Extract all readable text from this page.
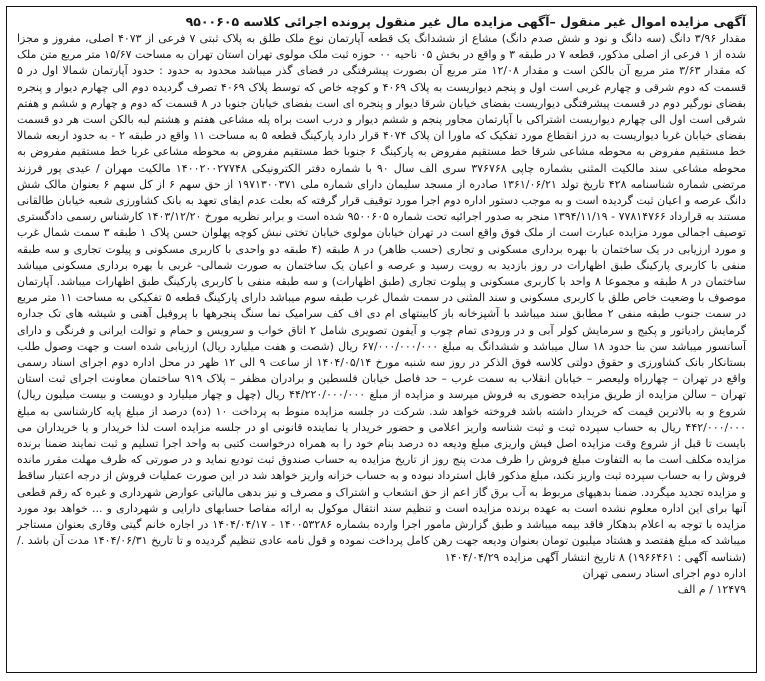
آگهی مزایده اموال غیر منقول –آگهی مزایده مال غیر منقول پرونده اجرائی کلاسه ۹۵۰۰۶۰۵

مقدار ۳/۹۶ دانگ (سه دانگ و نود و شش صدم دانگ) مشاع از ششدانگ یک قطعه آپارتمان نوع ملک طلق به پلاک ثبتی ۷ فرعی از ۴۰۷۳ اصلی، مفروز و مجزا شده از ۱ فرعی از اصلی مذکور، قطعه ۷ در طبقه ۳ و واقع در بخش ۰۵ ناحیه ۰۰ حوزه ثبت ملک مولوی تهران استان تهران به مساحت ۱۵/۶۷ متر مربع متن ملک که مقدار ۳/۶۳ متر مربع آن بالکن است و مقدار ۱۲/۰۸ متر مربع آن بصورت پیشرفتگی در فضای گذر میباشد محدود به حدود : حدود آپارتمان شمالا اول در ۵ قسمت که دوم شرقی و چهارم غربی است اول و پنجم دیواریست به پلاک ۴۰۶۹ و کوچه خاص که توسط پلاک ۴۰۶۹ تصرف گردیده دوم الی چهارم دیوار و پنجره بفضای نورگیر دوم در قسمت پیشرفتگی دیواریست بفضای خیابان شرقا دیوار و پنجره ای است بفضای خیابان جنوبا در ۸ قسمت که دوم و چهارم و ششم و هفتم شرقی است اول الی چهارم دیواریست اشتراکی با آپارتمان مجاور پنجم و ششم دیوار و درب است براه پله مشاعی هفتم و هشتم لبه بالکن است هر دو قسمت بفضای خیابان غربا دیواریست به درز انقطاع مورد تفکیک که ماورا ان پلاک ۴۰۷۴ قرار دارد پارکینگ قطعه ۵ به مساحت ۱۱ واقع در طبقه ۲ - به حدود اربعه شمالا خط مستقیم مفروض به محوطه مشاعی شرقا خط مستقیم مفروض به پارکینگ ۶ جنوبا خط مستقیم مفروض به محوطه مشاعی غربا خط مستقیم مفروض به محوطه مشاعی سند مالکیت المثنی بشماره چاپی ۳۷۶۷۶۸ سری الف سال ۹۰ با شماره دفتر الکترونیکی ۱۴۰۰۲۰۰۲۷۷۴۸ مالکیت مهران / عیدی پور فرزند مرتضی شماره شناسنامه ۴۲۸ تاریخ تولد ۱۳۶۱/۰۶/۲۱ صادره از مسجد سلیمان دارای شماره ملی ۱۹۷۱۳۰۰۳۷۱ از حق سهم ۶ از کل سهم ۶ بعنوان مالک شش دانگ عرصه و اعیان ثبت گردیده است و به موجب دستور اداره دوم اجرا مورد توقیف قرار گرفته که بعلت عدم ایفای تعهد به بانک کشاورزی شعبه خیابان طالقانی مستند به قرارداد ۷۷۸۱۴۷۶۶ - ۱۳۹۴/۱۱/۱۹ منجر به صدور اجرائیه تحت شماره ۹۵۰۰۶۰۵ شده است و برابر نظریه مورخ ۱۴۰۳/۱۲/۲۰ کارشناس رسمی دادگستری توصیف اجمالی مورد مزایده عبارت است از ملک فوق واقع است در تهران خیابان مولوی خیابان تختی نبش کوچه پهلوان حسن پلاک ۱ طبقه ۳ سمت شمال غرب و مورد ارزیابی در یک ساختمان با بهره برداری مسکونی و تجاری (حسب ظاهر) در ۸ طبقه (۴ طبقه دو واحدی با کاربری مسکونی و پیلوت تجاری و سه طبقه منفی با کاربری پارکینگ طبق اظهارات در روز بازدید به رویت رسید و عرصه و اعیان یک ساختمان به صورت شمالی- غربی با بهره برداری مسکونی میباشد ساختمان در ۸ طبقه و مجموعا ۸ واحد با کاربری مسکونی و پیلوت تجاری (طبق اظهارات) و سه طبقه منفی با کاربری پارکینگ طبق اظهارات میباشد. آپارتمان موصوف با وضعیت خاص طلق با کاربری مسکونی و سند المثنی در سمت شمال غرب طبقه سوم میباشد دارای پارکینگ قطعه ۵ تفکیکی به مساحت ۱۱ متر مربع در سمت جنوب طبقه منفی ۲ مطابق سند میباشد با آشپزخانه باز کابینتهای ام دی اف کف سرامیک نما سنگ پنجرهها با پروفیل آهنی و شیشه های تک جداره گرمایش رادیاتور و پکیج و سرمایش کولر آبی و در ورودی تمام چوب و آیفون تصویری شامل ۲ اتاق خواب و سرویس و حمام و توالت ایرانی و فرنگی و دارای آسانسور میباشد سن بنا حدود ۱۸ سال میباشد و ششدانگ به مبلغ ۶۷/۰۰۰/۰۰۰/۰۰۰ ریال (شصت و هفت میلیارد ریال) ارزیابی شده است و جهت وصول طلب بستانکار بانک کشاورزی و حقوق دولتی کلاسه فوق الذکر در روز سه شنبه مورخ ۱۴۰۴/۰۵/۱۴ از ساعت ۹ الی ۱۲ ظهر در محل اداره دوم اجرای اسناد رسمی واقع در تهران – چهارراه ولیعصر – خیابان انقلاب به سمت غرب – حد فاصل خیابان فلسطین و برادران مظفر – پلاک ۹۱۹ ساختمان معاونت اجرای ثبت استان تهران – سالن مزایده از طریق مزایده حضوری به فروش میرسد و مزایده از مبلغ ۴۴/۲۲۰/۰۰۰/۰۰۰ ریال (چهل و چهار میلیارد و دویست و بیست میلیون ریال) شروع و به بالاترین قیمت که خریدار داشته باشد فروخته خواهد شد. شرکت در جلسه مزایده منوط به پرداخت ۱۰ (ده) درصد از مبلغ پایه کارشناسی به مبلغ ۴۴۲/۰۰۰/۰۰۰ ریال به حساب سپرده ثبت و ثبت شناسه واریز اعلامی و حضور خریدار یا نماینده قانونی او در جلسه مزایده است لذا خریدار و یا خریداران می بایست تا قبل از شروع وقت مزایده اصل فیش واریزی مبلغ ودیعه ده درصد بنام خود را به همراه درخواست کتبی به واحد اجرا تسلیم و ثبت نمایند ضمنا برنده مزایده مکلف است ما به التفاوت مبلغ فروش را ظرف مدت پنج روز از تاریخ مزایده به حساب صندوق ثبت تودیع نماید و در صورتی که ظرف مهلت مقرر مانده فروش را به حساب سپرده ثبت واریز نکند، مبلغ مذکور قابل استرداد نبوده و به حساب خزانه واریز خواهد شد در این صورت عملیات فروش از درجه اعتبار ساقط و مزایده تجدید میگردد. ضمنا بدهیهای مربوط به آب برق گاز اعم از حق انشعاب و اشتراک و مصرف و نیز بدهی مالیاتی عوارض شهرداری و غیره که رقم قطعی آنها برای این اداره معلوم نشده است به عهده برنده مزایده است و تنظیم سند انتقال موکول به ارائه مفاصا حسابهای دارایی و شهرداری و ... خواهد بود مورد مزایده با توجه به اعلام بدهکار فاقد بیمه میباشد و طبق گزارش مامور اجرا وارده بشماره ۱۴۰۰۵۳۲۸۶ - ۱۴۰۴/۰۴/۱۷ در اجاره خانم گیتی وقاری بعنوان مستاجر میباشد که مبلغ هفتصد و هشتاد میلیون تومان بعنوان ودیعه جهت رهن کامل پرداخت نموده و قول نامه عادی تنظیم گردیده و تا تاریخ ۱۴۰۴/۰۶/۳۱ مدت آن باشد ./ (شناسه آگهی : ۱۹۶۶۴۶۱) ۸ تاریخ انتشار آگهی مزایده ۱۴۰۴/۰۴/۲۹

اداره دوم اجرای اسناد رسمی تهران
۱۲۴۷۹ / م الف
